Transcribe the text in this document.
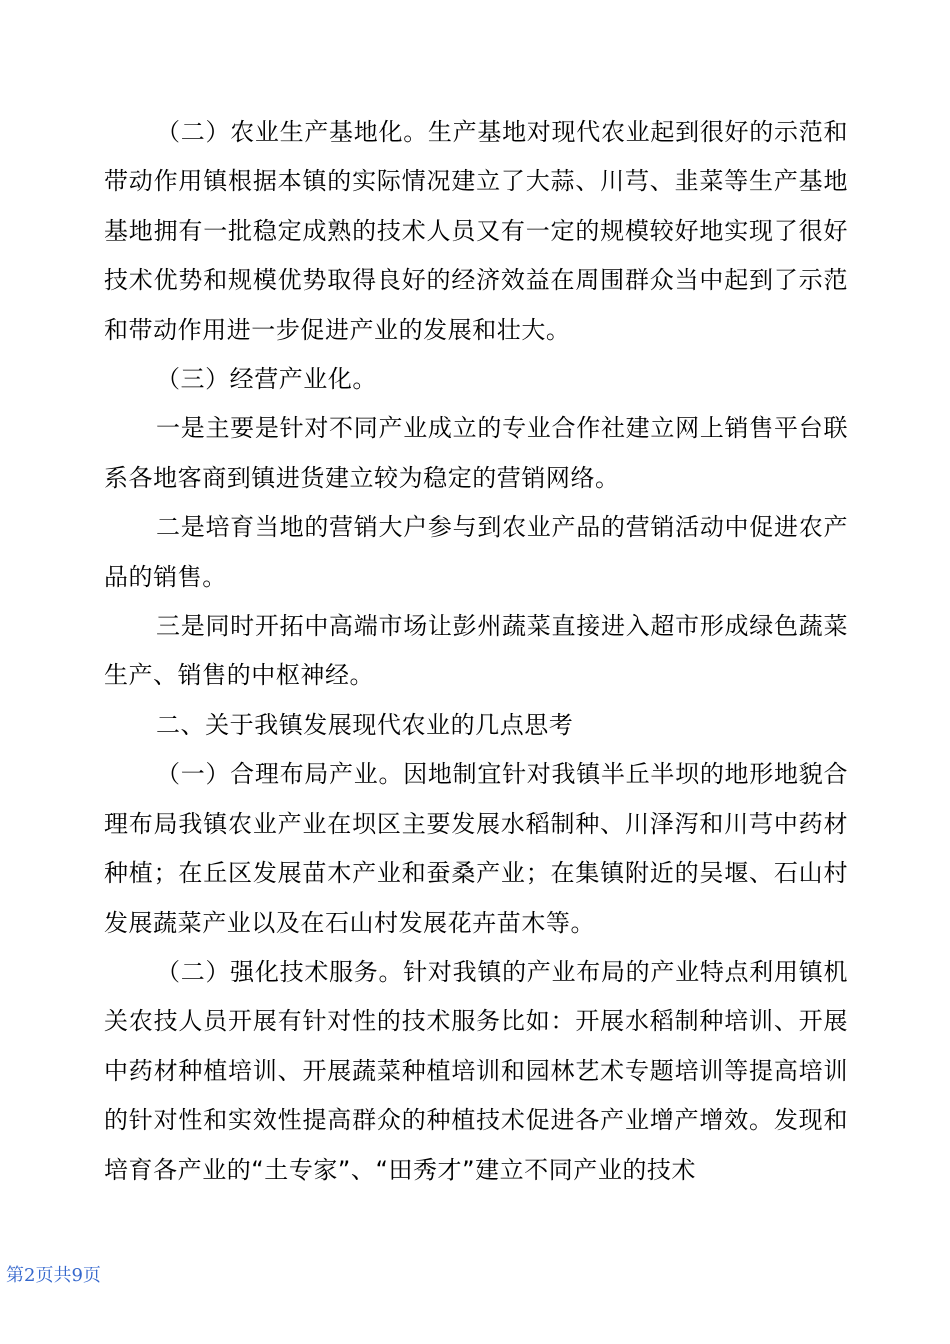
（二）农业生产基地化。生产基地对现代农业起到很好的示范和带动作用镇根据本镇的实际情况建立了大蒜、川芎、韭菜等生产基地基地拥有一批稳定成熟的技术人员又有一定的规模较好地实现了很好技术优势和规模优势取得良好的经济效益在周围群众当中起到了示范和带动作用进一步促进产业的发展和壮大。

（三）经营产业化。

一是主要是针对不同产业成立的专业合作社建立网上销售平台联系各地客商到镇进货建立较为稳定的营销网络。

二是培育当地的营销大户参与到农业产品的营销活动中促进农产品的销售。

三是同时开拓中高端市场让彭州蔬菜直接进入超市形成绿色蔬菜生产、销售的中枢神经。

二、关于我镇发展现代农业的几点思考

（一）合理布局产业。因地制宜针对我镇半丘半坝的地形地貌合理布局我镇农业产业在坝区主要发展水稻制种、川泽泻和川芎中药材种植；在丘区发展苗木产业和蚕桑产业；在集镇附近的吴堰、石山村发展蔬菜产业以及在石山村发展花卉苗木等。

（二）强化技术服务。针对我镇的产业布局的产业特点利用镇机关农技人员开展有针对性的技术服务比如：开展水稻制种培训、开展中药材种植培训、开展蔬菜种植培训和园林艺术专题培训等提高培训的针对性和实效性提高群众的种植技术促进各产业增产增效。发现和培育各产业的“土专家”、“田秀才”建立不同产业的技术

第2页共9页
